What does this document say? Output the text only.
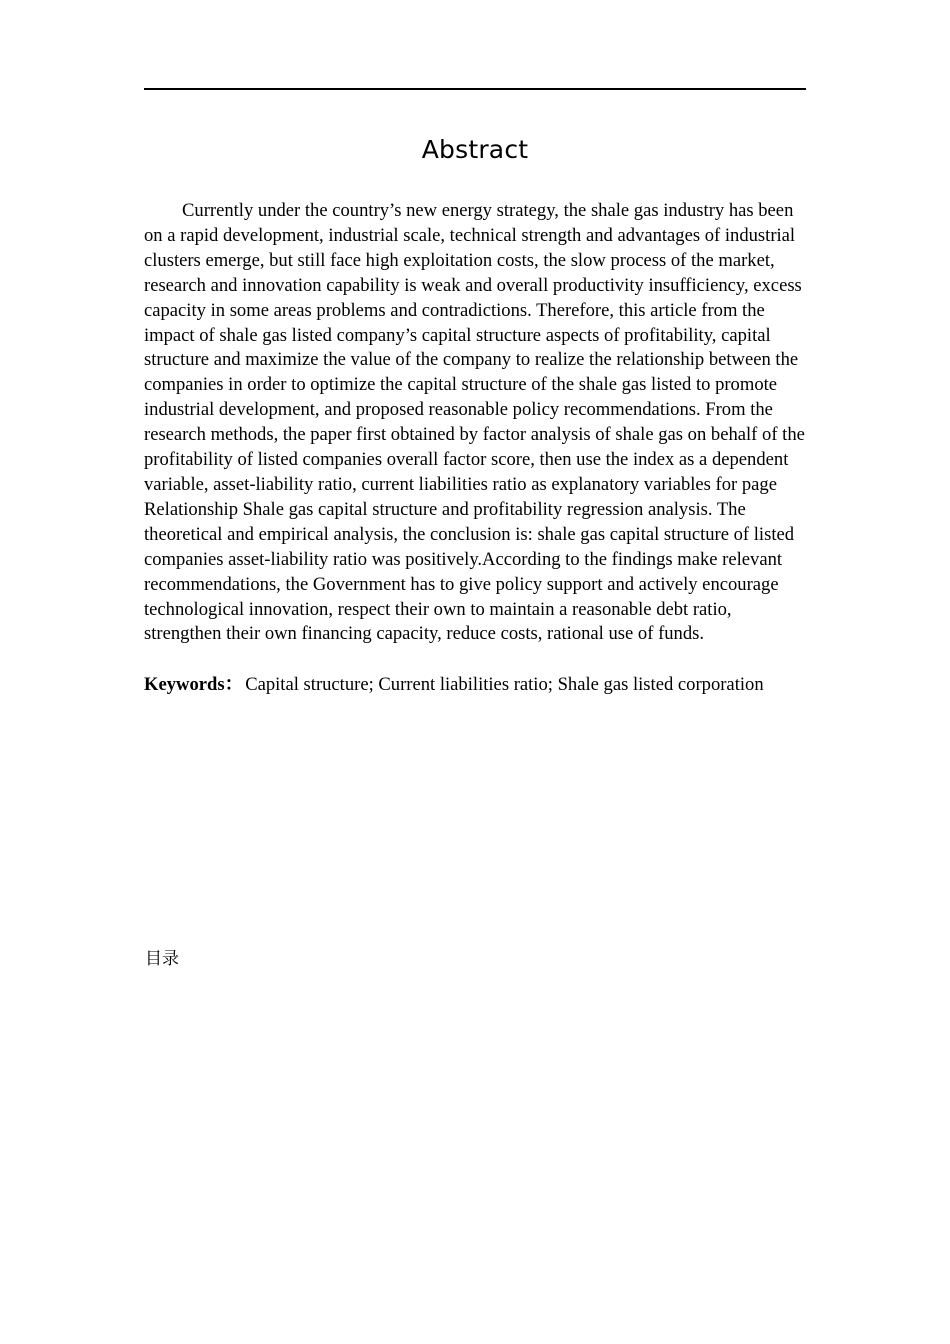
Abstract

Currently under the country’s new energy strategy, the shale gas industry has been on a rapid development, industrial scale, technical strength and advantages of industrial clusters emerge, but still face high exploitation costs, the slow process of the market, research and innovation capability is weak and overall productivity insufficiency, excess capacity in some areas problems and contradictions. Therefore, this article from the impact of shale gas listed company’s capital structure aspects of profitability, capital structure and maximize the value of the company to realize the relationship between the companies in order to optimize the capital structure of the shale gas listed to promote industrial development, and proposed reasonable policy recommendations. From the research methods, the paper first obtained by factor analysis of shale gas on behalf of the profitability of listed companies overall factor score, then use the index as a dependent variable, asset-liability ratio, current liabilities ratio as explanatory variables for page Relationship Shale gas capital structure and profitability regression analysis. The theoretical and empirical analysis, the conclusion is: shale gas capital structure of listed companies asset-liability ratio was positively.According to the findings make relevant recommendations, the Government has to give policy support and actively encourage technological innovation, respect their own to maintain a reasonable debt ratio, strengthen their own financing capacity, reduce costs, rational use of funds.

Keywords： Capital structure; Current liabilities ratio; Shale gas listed corporation

目录
